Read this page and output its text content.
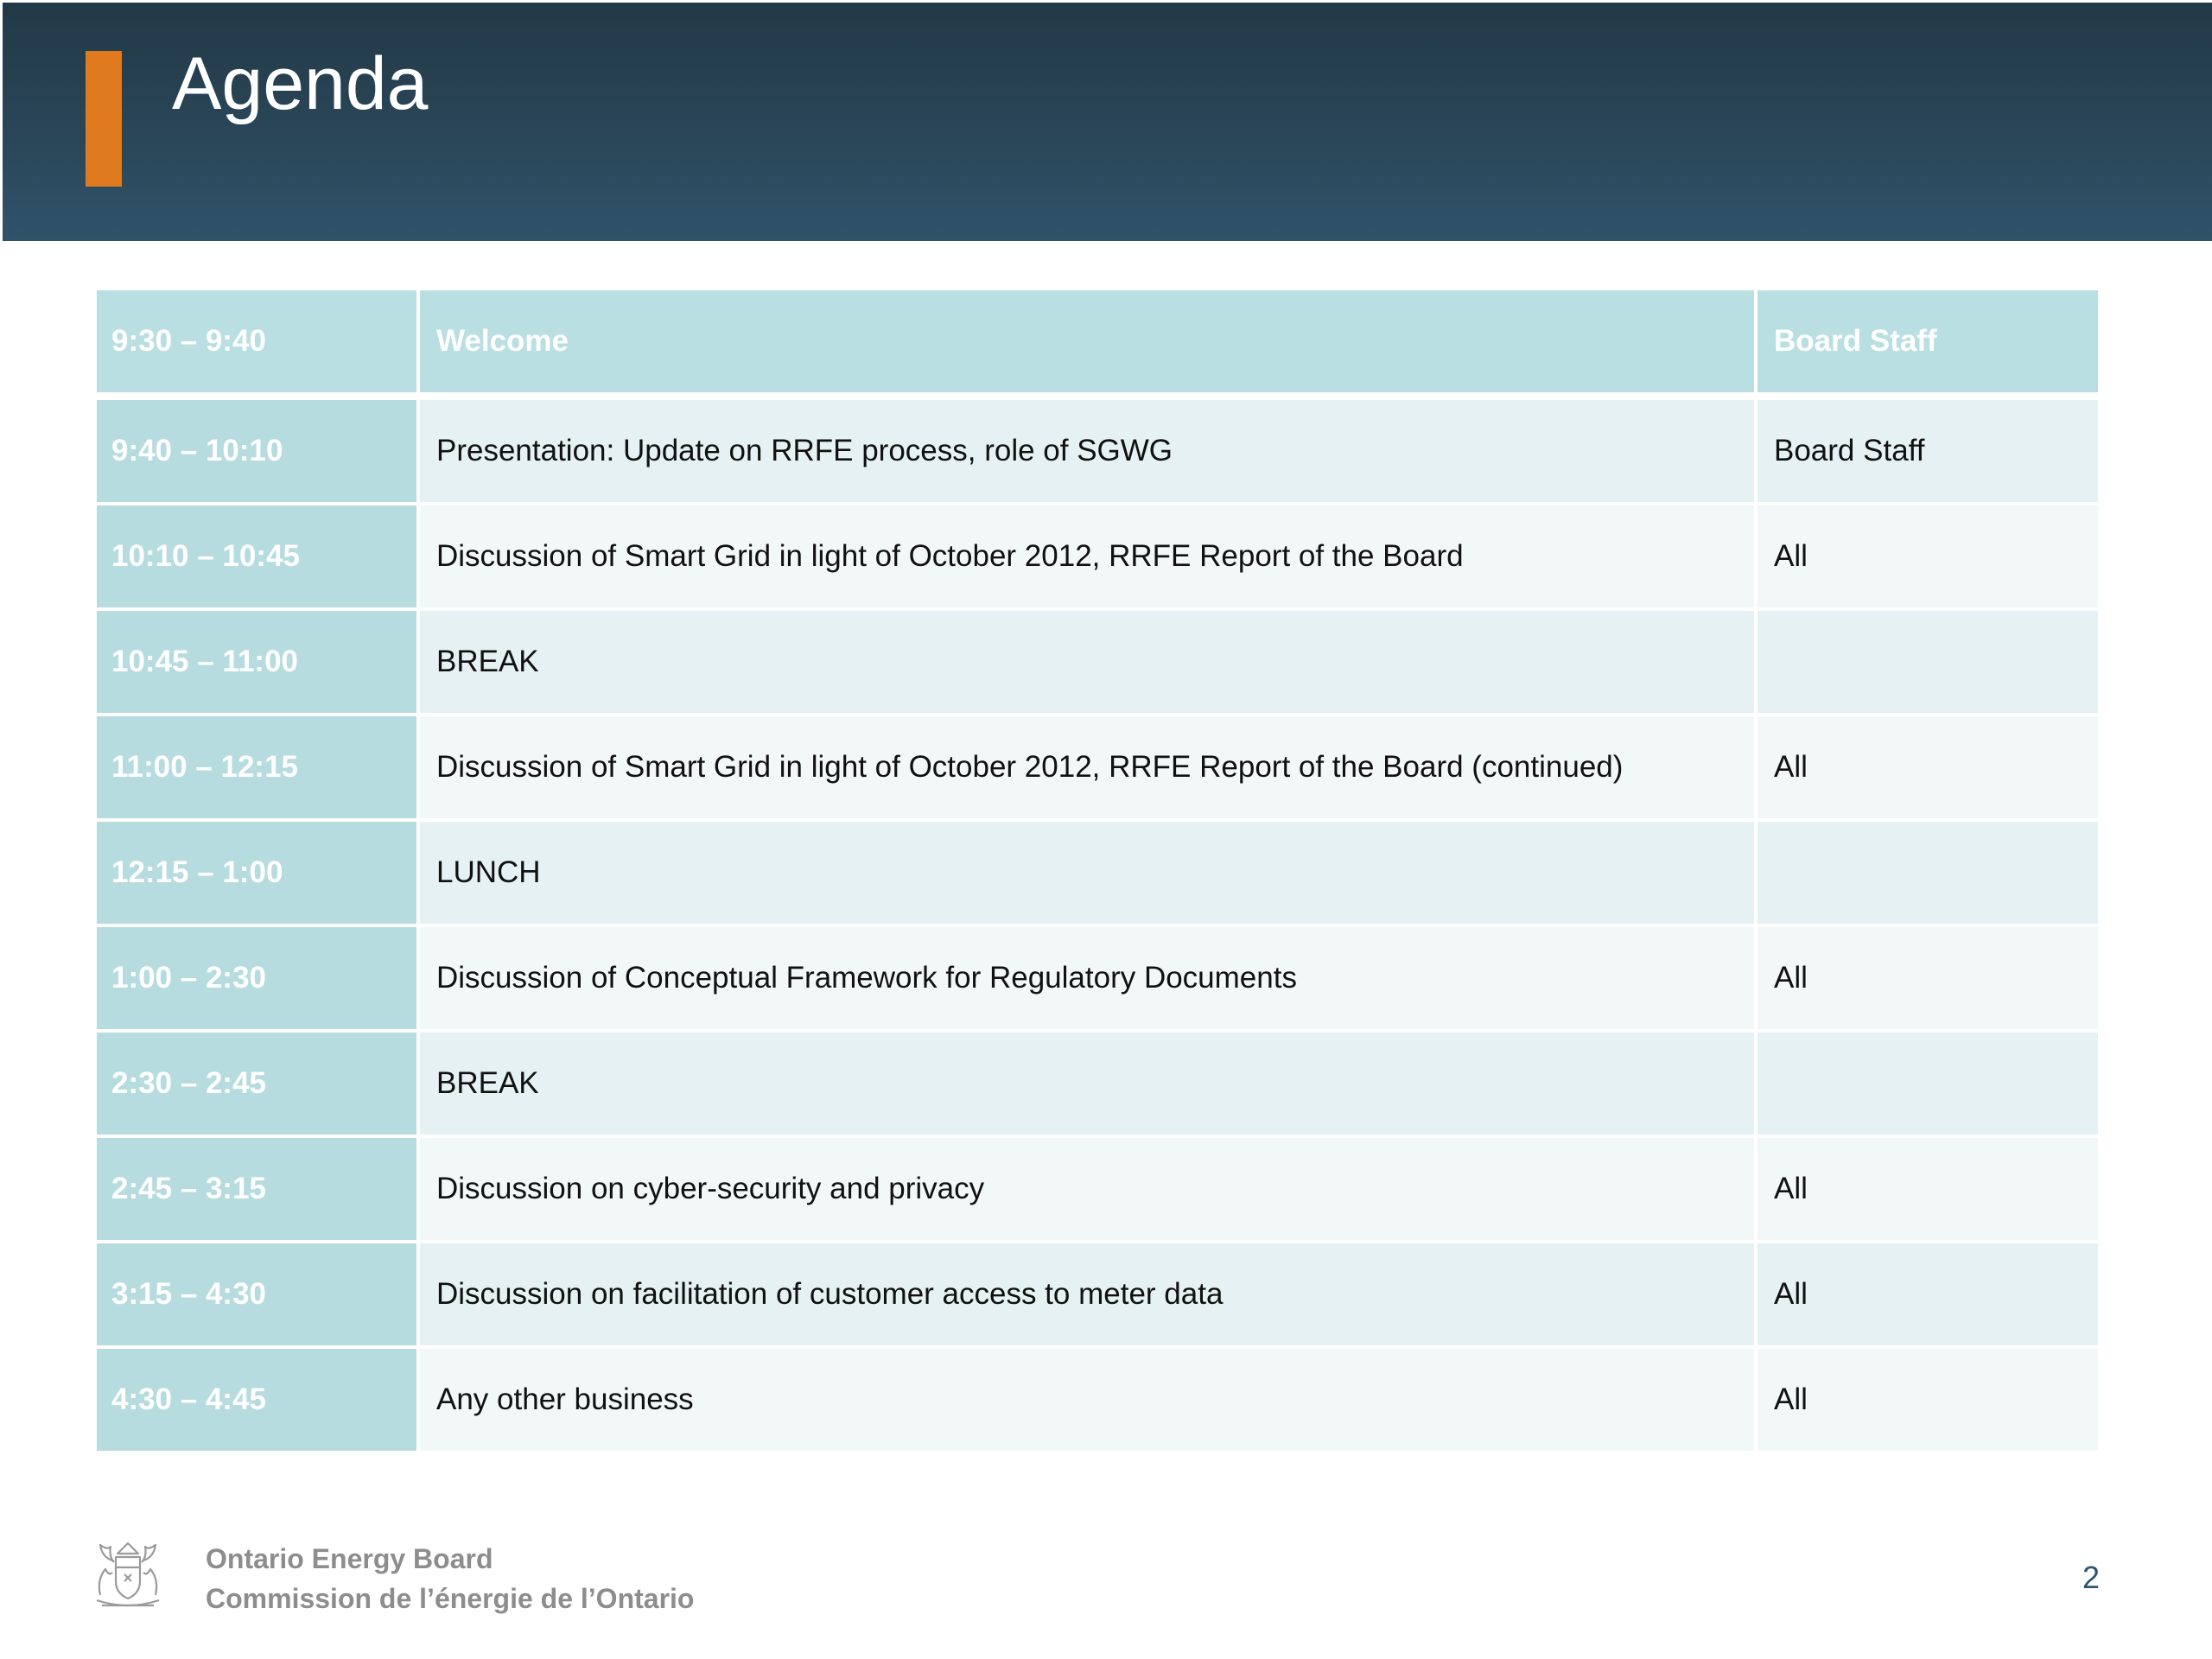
Agenda
9:30 – 9:40	Welcome	Board Staff
9:40 – 10:10	Presentation: Update on RRFE process, role of SGWG	Board Staff
10:10 – 10:45	Discussion of Smart Grid in light of October 2012, RRFE Report of the Board	All
10:45 – 11:00	BREAK	
11:00 – 12:15	Discussion of Smart Grid in light of October 2012, RRFE Report of the Board (continued)	All
12:15 – 1:00	LUNCH	
1:00 – 2:30	Discussion of Conceptual Framework for Regulatory Documents	All
2:30 – 2:45	BREAK	
2:45 – 3:15	Discussion on cyber-security and privacy	All
3:15 – 4:30	Discussion on facilitation of customer access to meter data	All
4:30 – 4:45	Any other business	All
Ontario Energy Board
Commission de l’énergie de l’Ontario
2
